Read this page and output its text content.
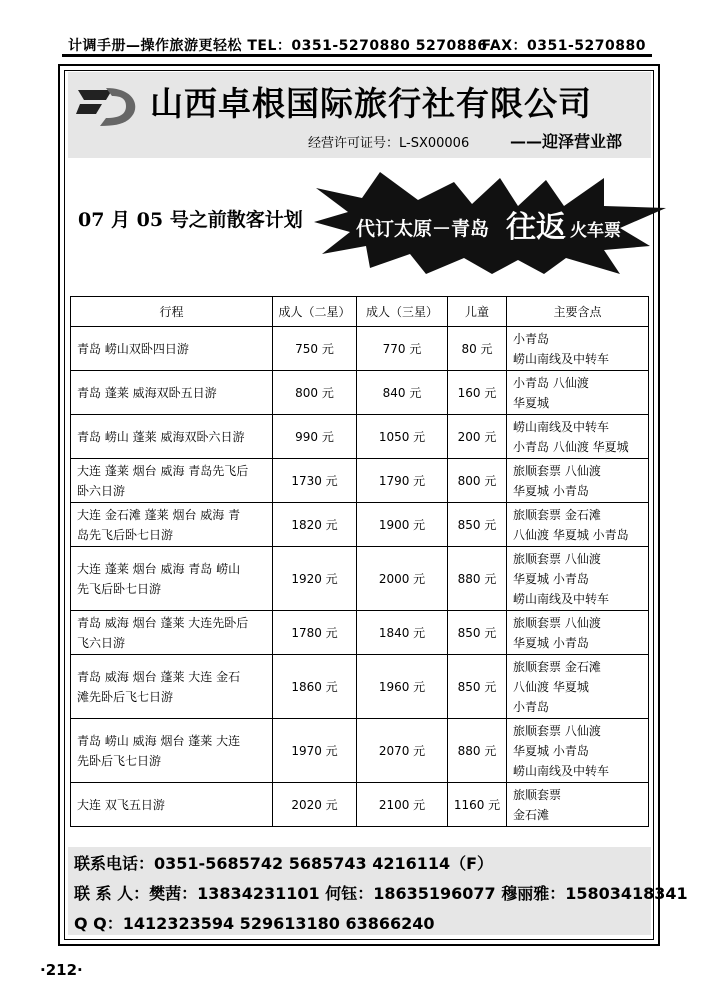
计调手册—操作旅游更轻松 TEL：0351-5270880 5270886
FAX：0351-5270880
山西卓根国际旅行社有限公司
经营许可证号：L-SX00006	——迎泽营业部
07 月 05 号之前散客计划	代订太原－青岛 往返 火车票
行程	成人（二星）	成人（三星）	儿童	主要含点

青岛 崂山双卧四日游	750 元	770 元	80 元	小青岛
崂山南线及中转车

青岛 蓬莱 威海双卧五日游	800 元	840 元	160 元	小青岛 八仙渡
华夏城

青岛 崂山 蓬莱 威海双卧六日游	990 元	1050 元	200 元	崂山南线及中转车
小青岛 八仙渡 华夏城

大连 蓬莱 烟台 威海 青岛先飞后
卧六日游	1730 元	1790 元	800 元	旅顺套票 八仙渡
华夏城 小青岛

大连 金石滩 蓬莱 烟台 威海 青
岛先飞后卧七日游	1820 元	1900 元	850 元	旅顺套票 金石滩
八仙渡 华夏城 小青岛

大连 蓬莱 烟台 威海 青岛 崂山
先飞后卧七日游	1920 元	2000 元	880 元	旅顺套票 八仙渡
华夏城 小青岛
崂山南线及中转车

青岛 威海 烟台 蓬莱 大连先卧后
飞六日游	1780 元	1840 元	850 元	旅顺套票 八仙渡
华夏城 小青岛

青岛 威海 烟台 蓬莱 大连 金石
滩先卧后飞七日游	1860 元	1960 元	850 元	旅顺套票 金石滩
八仙渡 华夏城
小青岛

青岛 崂山 威海 烟台 蓬莱 大连
先卧后飞七日游	1970 元	2070 元	880 元	旅顺套票 八仙渡
华夏城 小青岛
崂山南线及中转车

大连 双飞五日游	2020 元	2100 元	1160 元	旅顺套票
金石滩
联系电话：0351-5685742 5685743 4216114（F）
联 系 人：樊茜：13834231101 何钰：18635196077 穆丽雅：15803418341
Q Q：1412323594 529613180 63866240
·212·
